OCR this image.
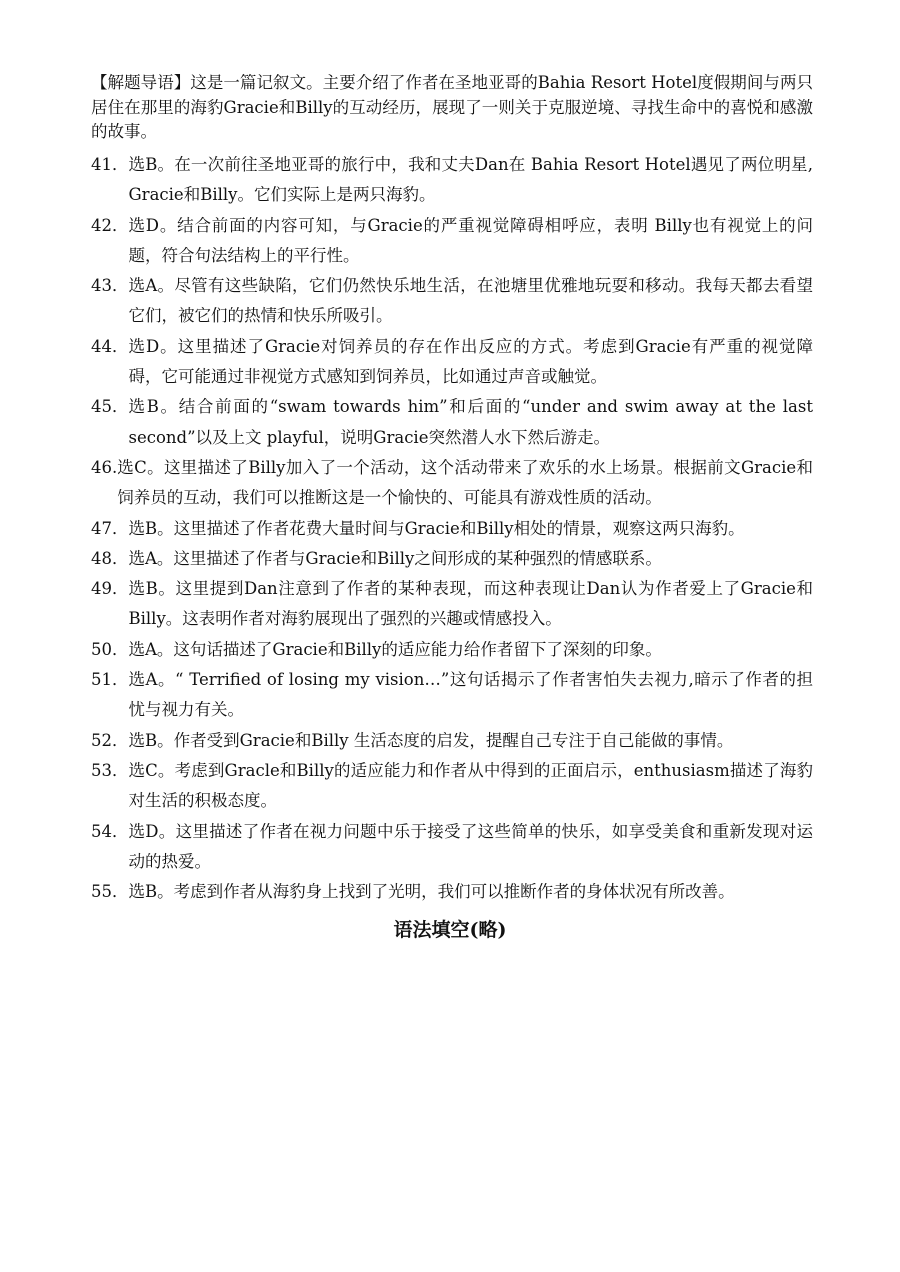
【解题导语】这是一篇记叙文。主要介绍了作者在圣地亚哥的Bahia Resort Hotel度假期间与两只居住在那里的海豹Gracie和Billy的互动经历，展现了一则关于克服逆境、寻找生命中的喜悦和感激的故事。

41． 选B。在一次前往圣地亚哥的旅行中，我和丈夫Dan在 Bahia Resort Hotel遇见了两位明星, Gracie和Billy。它们实际上是两只海豹。
42． 选D。结合前面的内容可知，与Gracie的严重视觉障碍相呼应，表明 Billy也有视觉上的问题，符合句法结构上的平行性。
43． 选A。尽管有这些缺陷，它们仍然快乐地生活，在池塘里优雅地玩耍和移动。我每天都去看望它们，被它们的热情和快乐所吸引。
44． 选D。这里描述了Gracie对饲养员的存在作出反应的方式。考虑到Gracie有严重的视觉障碍，它可能通过非视觉方式感知到饲养员，比如通过声音或触觉。
45． 选B。结合前面的“swam towards him”和后面的“under and swim away at the last second”以及上文 playful，说明Gracie突然潜人水下然后游走。
46. 选C。这里描述了Billy加入了一个活动，这个活动带来了欢乐的水上场景。根据前文Gracie和饲养员的互动，我们可以推断这是一个愉快的、可能具有游戏性质的活动。
47． 选B。这里描述了作者花费大量时间与Gracie和Billy相处的情景，观察这两只海豹。
48． 选A。这里描述了作者与Gracie和Billy之间形成的某种强烈的情感联系。
49． 选B。这里提到Dan注意到了作者的某种表现，而这种表现让Dan认为作者爱上了Gracie和 Billy。这表明作者对海豹展现出了强烈的兴趣或情感投入。
50． 选A。这句话描述了Gracie和Billy的适应能力给作者留下了深刻的印象。
51． 选A。“ Terrified of losing my vision…”这句话揭示了作者害怕失去视力,暗示了作者的担忧与视力有关。
52． 选B。作者受到Gracie和Billy 生活态度的启发，提醒自己专注于自己能做的事情。
53． 选C。考虑到Gracle和Billy的适应能力和作者从中得到的正面启示，enthusiasm描述了海豹对生活的积极态度。
54． 选D。这里描述了作者在视力问题中乐于接受了这些简单的快乐，如享受美食和重新发现对运动的热爱。
55． 选B。考虑到作者从海豹身上找到了光明，我们可以推断作者的身体状况有所改善。
语法填空(略)
